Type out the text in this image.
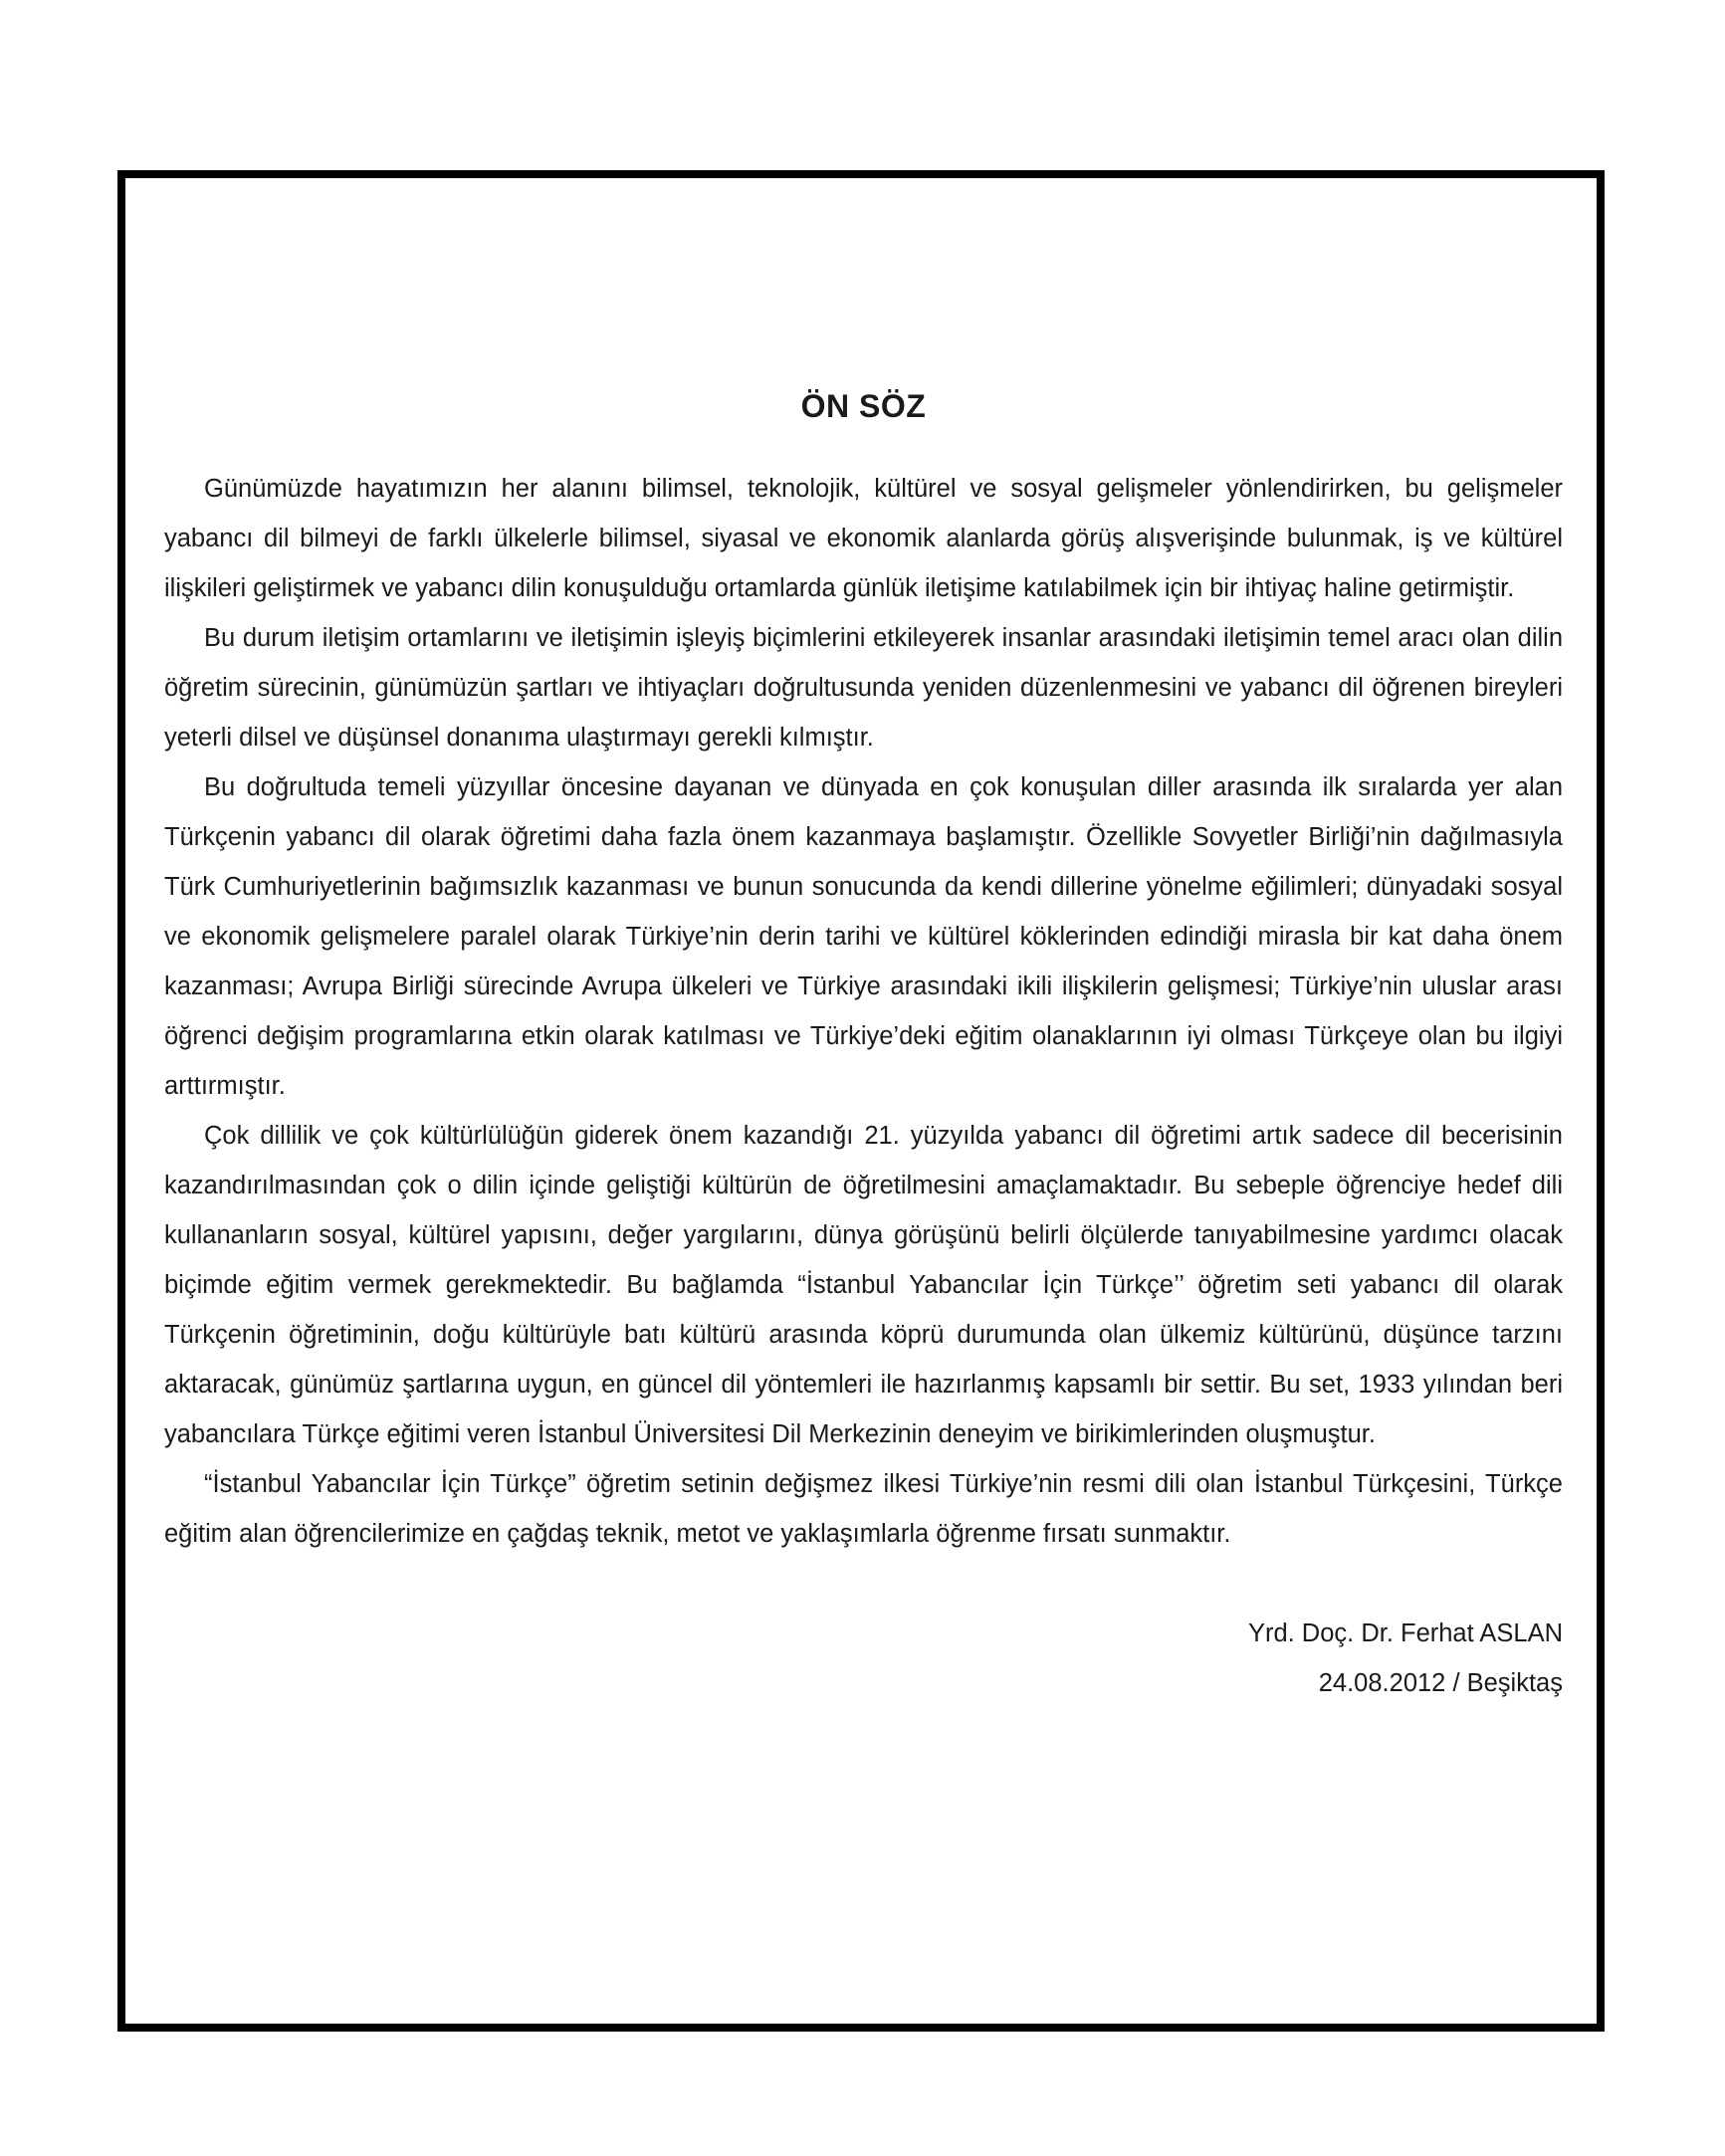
ÖN SÖZ

Günümüzde hayatımızın her alanını bilimsel, teknolojik, kültürel ve sosyal gelişmeler yönlendirirken, bu gelişmeler yabancı dil bilmeyi de farklı ülkelerle bilimsel, siyasal ve ekonomik alanlarda görüş alışverişinde bulunmak, iş ve kültürel ilişkileri geliştirmek ve yabancı dilin konuşulduğu ortamlarda günlük iletişime katılabilmek için bir ihtiyaç haline getirmiştir.

Bu durum iletişim ortamlarını ve iletişimin işleyiş biçimlerini etkileyerek insanlar arasındaki iletişimin temel aracı olan dilin öğretim sürecinin, günümüzün şartları ve ihtiyaçları doğrultusunda yeniden düzenlenmesini ve yabancı dil öğrenen bireyleri yeterli dilsel ve düşünsel donanıma ulaştırmayı gerekli kılmıştır.

Bu doğrultuda temeli yüzyıllar öncesine dayanan ve dünyada en çok konuşulan diller arasında ilk sıralarda yer alan Türkçenin yabancı dil olarak öğretimi daha fazla önem kazanmaya başlamıştır. Özellikle Sovyetler Birliği’nin dağılmasıyla Türk Cumhuriyetlerinin bağımsızlık kazanması ve bunun sonucunda da kendi dillerine yönelme eğilimleri; dünyadaki sosyal ve ekonomik gelişmelere paralel olarak Türkiye’nin derin tarihi ve kültürel köklerinden edindiği mirasla bir kat daha önem kazanması; Avrupa Birliği sürecinde Avrupa ülkeleri ve Türkiye arasındaki ikili ilişkilerin gelişmesi; Türkiye’nin uluslar arası öğrenci değişim programlarına etkin olarak katılması ve Türkiye’deki eğitim olanaklarının iyi olması Türkçeye olan bu ilgiyi arttırmıştır.

Çok dillilik ve çok kültürlülüğün giderek önem kazandığı 21. yüzyılda yabancı dil öğretimi artık sadece dil becerisinin kazandırılmasından çok o dilin içinde geliştiği kültürün de öğretilmesini amaçlamaktadır. Bu sebeple öğrenciye hedef dili kullananların sosyal, kültürel yapısını, değer yargılarını, dünya görüşünü belirli ölçülerde tanıyabilmesine yardımcı olacak biçimde eğitim vermek gerekmektedir. Bu bağlamda “İstanbul Yabancılar İçin Türkçe’’ öğretim seti yabancı dil olarak Türkçenin öğretiminin, doğu kültürüyle batı kültürü arasında köprü durumunda olan ülkemiz kültürünü, düşünce tarzını aktaracak, günümüz şartlarına uygun, en güncel dil yöntemleri ile hazırlanmış kapsamlı bir settir. Bu set, 1933 yılından beri yabancılara Türkçe eğitimi veren İstanbul Üniversitesi Dil Merkezinin deneyim ve birikimlerinden oluşmuştur.

“İstanbul Yabancılar İçin Türkçe” öğretim setinin değişmez ilkesi Türkiye’nin resmi dili olan İstanbul Türkçesini, Türkçe eğitim alan öğrencilerimize en çağdaş teknik, metot ve yaklaşımlarla öğrenme fırsatı sunmaktır.

Yrd. Doç. Dr. Ferhat ASLAN
24.08.2012 / Beşiktaş
